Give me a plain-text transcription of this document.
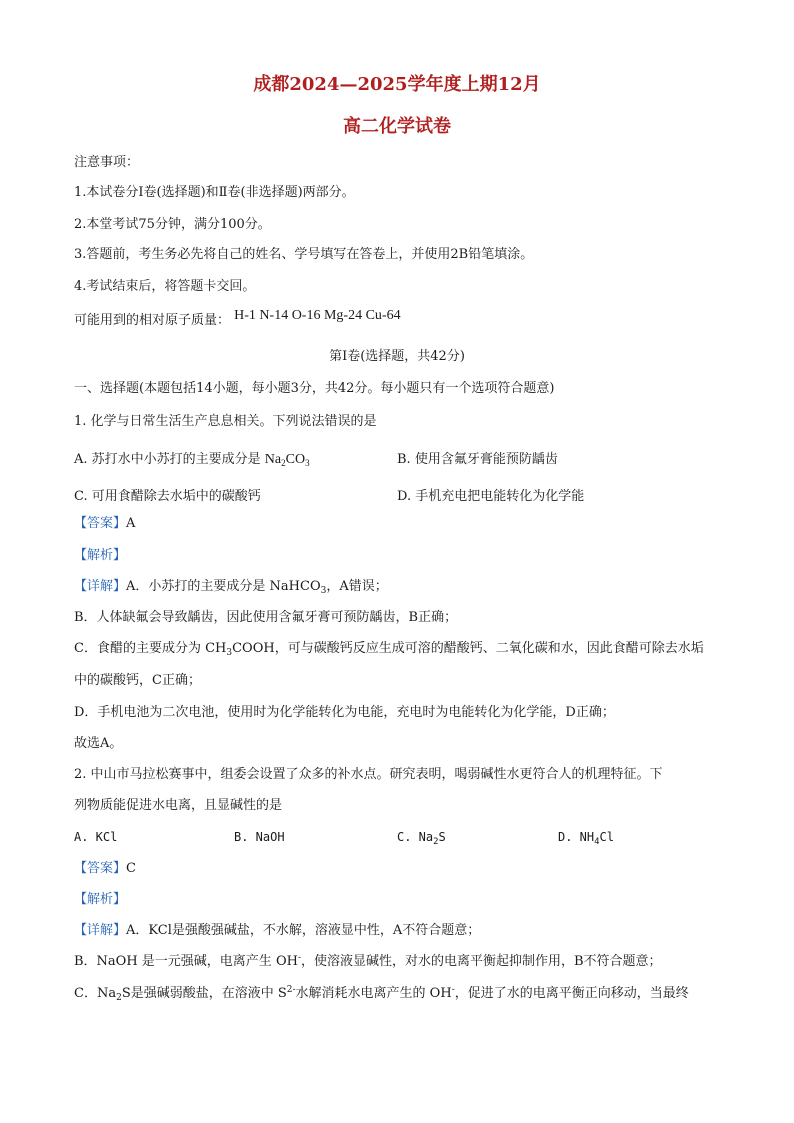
成都2024—2025学年度上期12月
高二化学试卷
注意事项：
1.本试卷分Ⅰ卷(选择题)和Ⅱ卷(非选择题)两部分。
2.本堂考试75分钟，满分100分。
3.答题前，考生务必先将自己的姓名、学号填写在答卷上，并使用2B铅笔填涂。
4.考试结束后，将答题卡交回。
可能用到的相对原子质量： H-1 N-14 O-16 Mg-24 Cu-64
第Ⅰ卷(选择题，共42分)
一、选择题(本题包括14小题，每小题3分，共42分。每小题只有一个选项符合题意)
1. 化学与日常生活生产息息相关。下列说法错误的是
A. 苏打水中小苏打的主要成分是 $Na_2CO_3$	B. 使用含氟牙膏能预防龋齿
C. 可用食醋除去水垢中的碳酸钙	D. 手机充电把电能转化为化学能
【答案】A
【解析】
【详解】A．小苏打的主要成分是 NaHCO$_3$，A错误；
B．人体缺氟会导致龋齿，因此使用含氟牙膏可预防龋齿，B正确；
C．食醋的主要成分为 $CH_3COOH$，可与碳酸钙反应生成可溶的醋酸钙、二氧化碳和水，因此食醋可除去水垢
中的碳酸钙，C正确；
D．手机电池为二次电池，使用时为化学能转化为电能，充电时为电能转化为化学能，D正确；
故选A。
2. 中山市马拉松赛事中，组委会设置了众多的补水点。研究表明，喝弱碱性水更符合人的机理特征。下
列物质能促进水电离，且显碱性的是
A. KCl	B. NaOH	C. $Na_2S$	D. $NH_4Cl$
【答案】C
【解析】
【详解】A．KCl是强酸强碱盐，不水解，溶液显中性，A不符合题意；
B．NaOH 是一元强碱，电离产生 OH-，使溶液显碱性，对水的电离平衡起抑制作用，B不符合题意；
C．$Na_2S$是强碱弱酸盐，在溶液中 $S^{2-}$水解消耗水电离产生的 OH-，促进了水的电离平衡正向移动，当最终
